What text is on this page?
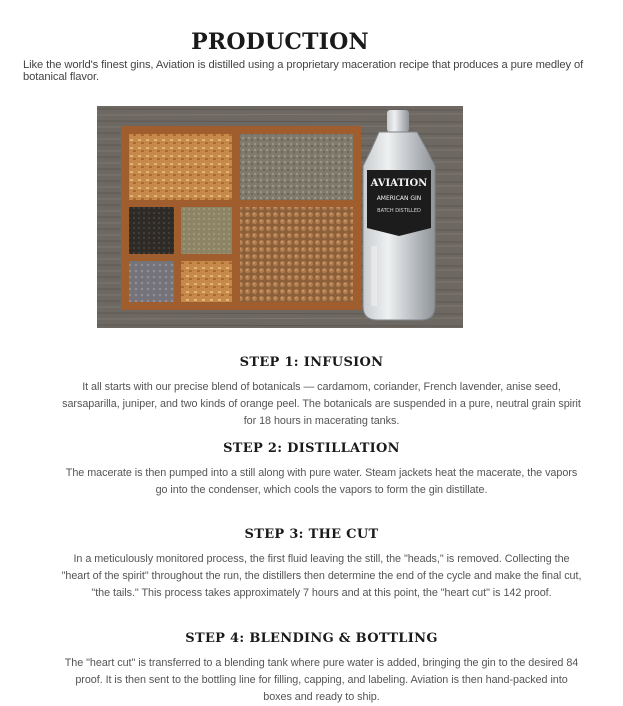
PRODUCTION

Like the world's finest gins, Aviation is distilled using a proprietary maceration recipe that produces a pure medley of botanical flavor.

AVIATION
AMERICAN GIN
BATCH DISTILLED
STEP 1: INFUSION

It all starts with our precise blend of botanicals — cardamom, coriander, French lavender, anise seed, sarsaparilla, juniper, and two kinds of orange peel. The botanicals are suspended in a pure, neutral grain spirit for 18 hours in macerating tanks.

STEP 2: DISTILLATION

The macerate is then pumped into a still along with pure water. Steam jackets heat the macerate, the vapors go into the condenser, which cools the vapors to form the gin distillate.

STEP 3: THE CUT

In a meticulously monitored process, the first fluid leaving the still, the "heads," is removed. Collecting the "heart of the spirit" throughout the run, the distillers then determine the end of the cycle and make the final cut, "the tails." This process takes approximately 7 hours and at this point, the "heart cut" is 142 proof.

STEP 4: BLENDING & BOTTLING

The "heart cut" is transferred to a blending tank where pure water is added, bringing the gin to the desired 84 proof. It is then sent to the bottling line for filling, capping, and labeling. Aviation is then hand-packed into boxes and ready to ship.
